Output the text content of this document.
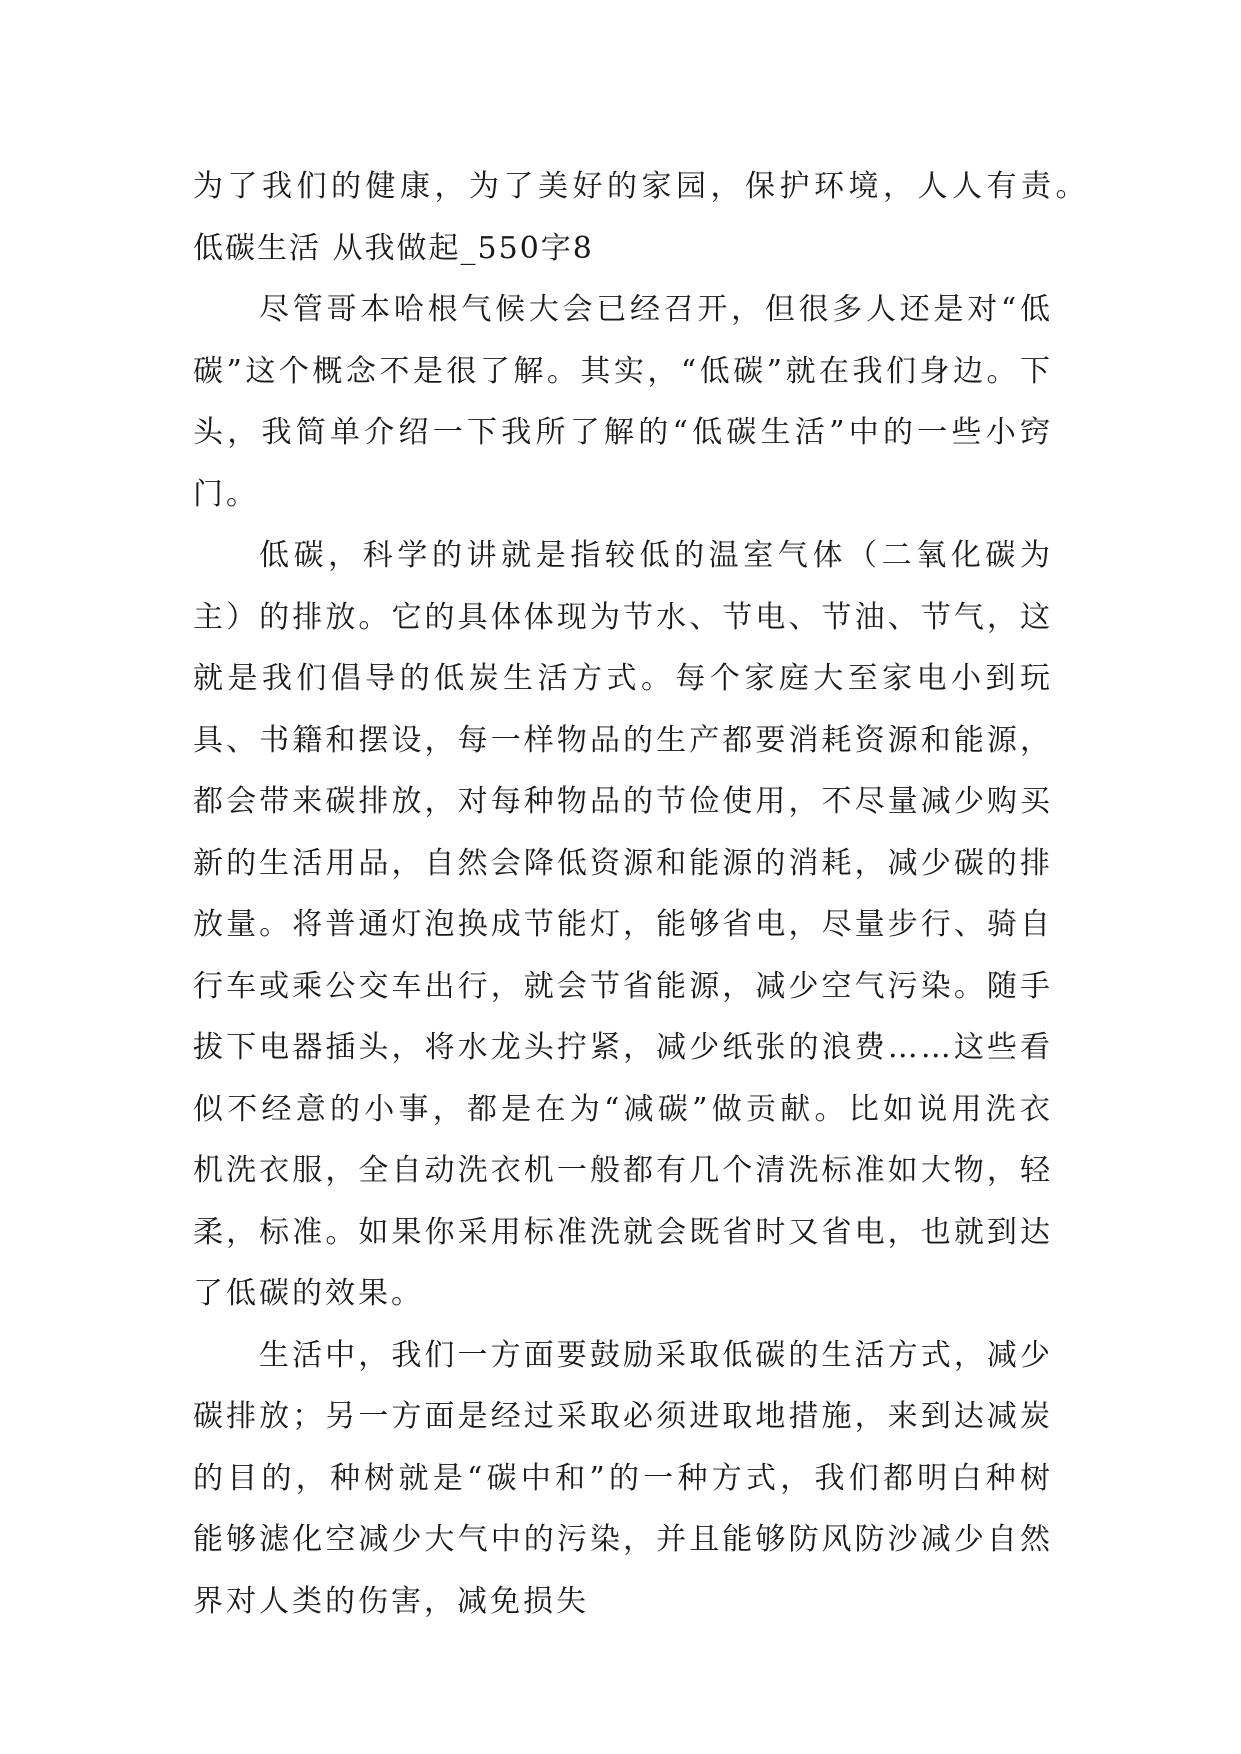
为了我们的健康，为了美好的家园，保护环境，人人有责。
低碳生活 从我做起_550字8

尽管哥本哈根气候大会已经召开，但很多人还是对“低碳”这个概念不是很了解。其实，“低碳”就在我们身边。下头，我简单介绍一下我所了解的“低碳生活”中的一些小窍门。

低碳，科学的讲就是指较低的温室气体（二氧化碳为主）的排放。它的具体体现为节水、节电、节油、节气，这就是我们倡导的低炭生活方式。每个家庭大至家电小到玩具、书籍和摆设，每一样物品的生产都要消耗资源和能源，都会带来碳排放，对每种物品的节俭使用，不尽量减少购买新的生活用品，自然会降低资源和能源的消耗，减少碳的排放量。将普通灯泡换成节能灯，能够省电，尽量步行、骑自行车或乘公交车出行，就会节省能源，减少空气污染。随手拔下电器插头，将水龙头拧紧，减少纸张的浪费……这些看似不经意的小事，都是在为“减碳”做贡献。比如说用洗衣机洗衣服，全自动洗衣机一般都有几个清洗标准如大物，轻柔，标准。如果你采用标准洗就会既省时又省电，也就到达了低碳的效果。

生活中，我们一方面要鼓励采取低碳的生活方式，减少碳排放；另一方面是经过采取必须进取地措施，来到达减炭的目的，种树就是“碳中和”的一种方式，我们都明白种树能够滤化空减少大气中的污染，并且能够防风防沙减少自然界对人类的伤害，减免损失
